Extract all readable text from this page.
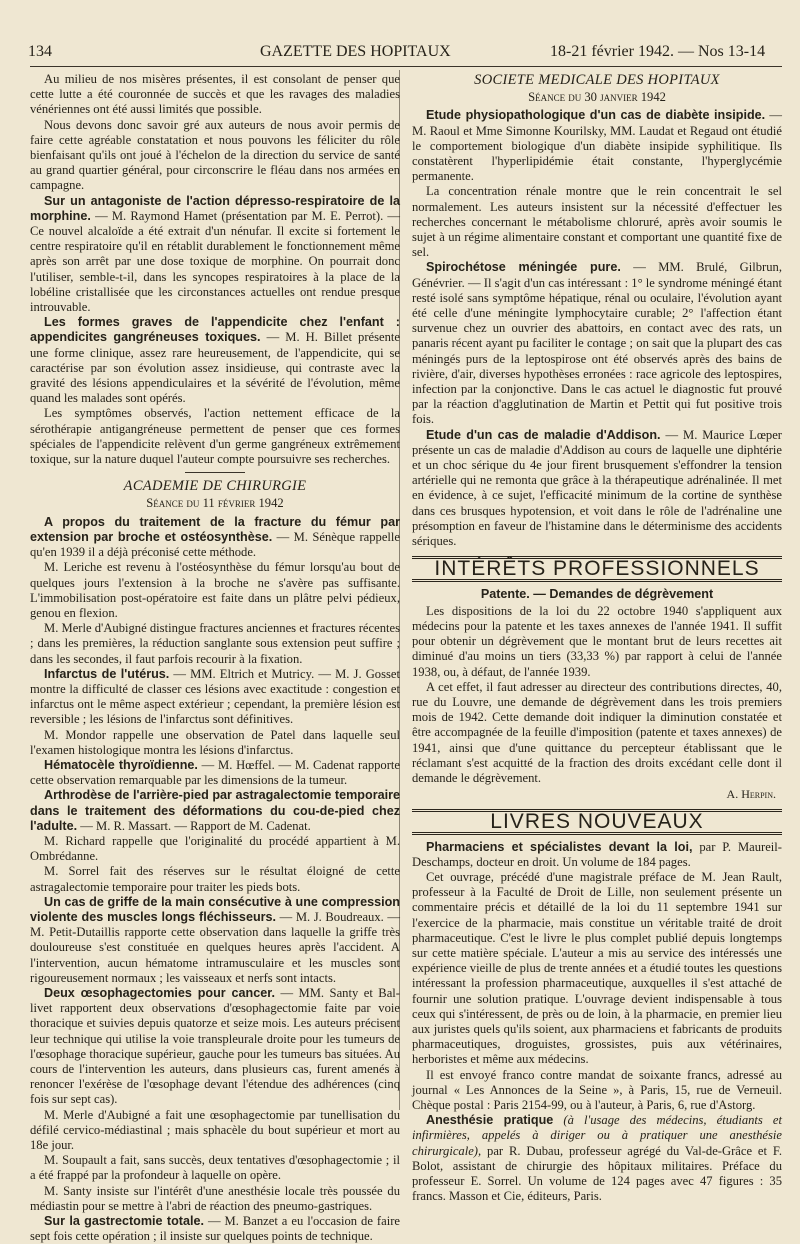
134	GAZETTE DES HOPITAUX	18-21 février 1942. — Nos 13-14

Au milieu de nos misères présentes, il est consolant de penser que cette lutte a été couronnée de succès et que les ravages des maladies vénériennes ont été aussi limités que possible.

Nous devons donc savoir gré aux auteurs de nous avoir permis de faire cette agréable constatation et nous pouvons les féliciter du rôle bienfaisant qu'ils ont joué à l'échelon de la direction du service de santé au grand quartier général, pour circonscrire le fléau dans nos armées en campagne.

Sur un antagoniste de l'action dépresso-respiratoire de la morphine. — M. Raymond Hamet (présentation par M. E. Perrot). — Ce nouvel alcaloïde a été extrait d'un nénufar. Il excite si fortement le centre respiratoire qu'il en rétablit durablement le fonctionnement même après son arrêt par une dose toxique de morphine. On pourrait donc l'utiliser, semble-t-il, dans les syncopes respiratoires à la place de la lobéline cristallisée que les circonstances actuelles ont rendue presque introuvable.

Les formes graves de l'appendicite chez l'enfant : appendicites gangréneuses toxiques. — M. H. Billet présente une forme clinique, assez rare heureusement, de l'appendicite, qui se caractérise par son évolution assez insidieuse, qui contraste avec la gravité des lésions appendiculaires et la sévérité de l'évolution, même quand les malades sont opérés.

Les symptômes observés, l'action nettement efficace de la sérothérapie antigangréneuse permettent de penser que ces formes spéciales de l'appendicite relèvent d'un germe gangréneux extrêmement toxique, sur la nature duquel l'auteur compte poursuivre ses recherches.

ACADEMIE DE CHIRURGIE
Séance du 11 février 1942

A propos du traitement de la fracture du fémur par extension par broche et ostéosynthèse. — M. Sénèque rappelle qu'en 1939 il a déjà préconisé cette méthode.

M. Leriche est revenu à l'ostéosynthèse du fémur lorsqu'au bout de quelques jours l'extension à la broche ne s'avère pas suffisante. L'immobilisation post-opératoire est faite dans un plâtre pelvi pédieux, genou en flexion.

M. Merle d'Aubigné distingue fractures anciennes et fractures récentes ; dans les premières, la réduction sanglante sous extension peut suffire ; dans les secondes, il faut parfois recourir à la fixation.

Infarctus de l'utérus. — MM. Eltrich et Mutricy. — M. J. Gosset montre la difficulté de classer ces lésions avec exactitude : congestion et infarctus ont le même aspect extérieur ; cependant, la première lésion est reversible ; les lésions de l'infarctus sont définitives.

M. Mondor rappelle une observation de Patel dans laquelle seul l'examen histologique montra les lésions d'infarctus.

Hématocèle thyroïdienne. — M. Hœffel. — M. Cadenat rapporte cette observation remarquable par les dimensions de la tumeur.

Arthrodèse de l'arrière-pied par astragalectomie temporaire dans le traitement des déformations du cou-de-pied chez l'adulte. — M. R. Massart. — Rapport de M. Cadenat.

M. Richard rappelle que l'originalité du procédé appartient à M. Ombrédanne.

M. Sorrel fait des réserves sur le résultat éloigné de cette astragalectomie temporaire pour traiter les pieds bots.

Un cas de griffe de la main consécutive à une compression violente des muscles longs fléchisseurs. — M. J. Boudreaux. — M. Petit-Dutaillis rapporte cette observation dans laquelle la griffe très douloureuse s'est constituée en quelques heures après l'accident. A l'intervention, aucun hématome intramusculaire et les muscles sont rigoureusement normaux ; les vaisseaux et nerfs sont intacts.

Deux œsophagectomies pour cancer. — MM. Santy et Bal-livet rapportent deux observations d'œsophagectomie faite par voie thoracique et suivies depuis quatorze et seize mois. Les auteurs précisent leur technique qui utilise la voie transpleurale droite pour les tumeurs de l'œsophage thoracique supérieur, gauche pour les tumeurs bas situées. Au cours de l'intervention les auteurs, dans plusieurs cas, furent amenés à renoncer l'exérèse de l'œsophage devant l'étendue des adhérences (cinq fois sur sept cas).

M. Merle d'Aubigné a fait une œsophagectomie par tunellisation du défilé cervico-médiastinal ; mais sphacèle du bout supérieur et mort au 18e jour.

M. Soupault a fait, sans succès, deux tentatives d'œsophagectomie ; il a été frappé par la profondeur à laquelle on opère.

M. Santy insiste sur l'intérêt d'une anesthésie locale très poussée du médiastin pour se mettre à l'abri de réaction des pneumo-gastriques.

Sur la gastrectomie totale. — M. Banzet a eu l'occasion de faire sept fois cette opération ; il insiste sur quelques points de technique.

SOCIETE MEDICALE DES HOPITAUX
Séance du 30 janvier 1942

Etude physiopathologique d'un cas de diabète insipide. — M. Raoul et Mme Simonne Kourilsky, MM. Laudat et Regaud ont étudié le comportement biologique d'un diabète insipide syphilitique. Ils constatèrent l'hyperlipidémie était constante, l'hyperglycémie permanente.

La concentration rénale montre que le rein concentrait le sel normalement. Les auteurs insistent sur la nécessité d'effectuer les recherches concernant le métabolisme chloruré, après avoir soumis le sujet à un régime alimentaire constant et comportant une quantité fixe de sel.

Spirochétose méningée pure. — MM. Brulé, Gilbrun, Génévrier. — Il s'agit d'un cas intéressant : 1° le syndrome méningé étant resté isolé sans symptôme hépatique, rénal ou oculaire, l'évolution ayant été celle d'une méningite lymphocytaire curable; 2° l'affection étant survenue chez un ouvrier des abattoirs, en contact avec des rats, un panaris récent ayant pu faciliter le contage ; on sait que la plupart des cas méningés purs de la leptospirose ont été observés après des bains de rivière, d'air, diverses hypothèses erronées : race agricole des leptospires, infection par la conjonctive. Dans le cas actuel le diagnostic fut prouvé par la réaction d'agglutination de Martin et Pettit qui fut positive trois fois.

Etude d'un cas de maladie d'Addison. — M. Maurice Lœper présente un cas de maladie d'Addison au cours de laquelle une diphtérie et un choc sérique du 4e jour firent brusquement s'effondrer la tension artérielle qui ne remonta que grâce à la thérapeutique adrénalinée. Il met en évidence, à ce sujet, l'efficacité minimum de la cortine de synthèse dans ces brusques hypotension, et voit dans le rôle de l'adrénaline une présomption en faveur de l'histamine dans le déterminisme des accidents sériques.

INTÉRÊTS PROFESSIONNELS
Patente. — Demandes de dégrèvement

Les dispositions de la loi du 22 octobre 1940 s'appliquent aux médecins pour la patente et les taxes annexes de l'année 1941. Il suffit pour obtenir un dégrèvement que le montant brut de leurs recettes ait diminué d'au moins un tiers (33,33 %) par rapport à celui de l'année 1938, ou, à défaut, de l'année 1939.

A cet effet, il faut adresser au directeur des contributions directes, 40, rue du Louvre, une demande de dégrèvement dans les trois premiers mois de 1942. Cette demande doit indiquer la diminution constatée et être accompagnée de la feuille d'imposition (patente et taxes annexes) de 1941, ainsi que d'une quittance du percepteur établissant que le réclamant s'est acquitté de la fraction des droits excédant celle dont il demande le dégrèvement.

A. Herpin.
LIVRES NOUVEAUX

Pharmaciens et spécialistes devant la loi, par P. Maureil-Deschamps, docteur en droit. Un volume de 184 pages.

Cet ouvrage, précédé d'une magistrale préface de M. Jean Rault, professeur à la Faculté de Droit de Lille, non seulement présente un commentaire précis et détaillé de la loi du 11 septembre 1941 sur l'exercice de la pharmacie, mais constitue un véritable traité de droit pharmaceutique. C'est le livre le plus complet publié depuis longtemps sur cette matière spéciale. L'auteur a mis au service des intéressés une expérience vieille de plus de trente années et a étudié toutes les questions intéressant la profession pharmaceutique, auxquelles il s'est attaché de fournir une solution pratique. L'ouvrage devient indispensable à tous ceux qui s'intéressent, de près ou de loin, à la pharmacie, en premier lieu aux juristes quels qu'ils soient, aux pharmaciens et fabricants de produits pharmaceutiques, droguistes, grossistes, puis aux vétérinaires, herboristes et même aux médecins.

Il est envoyé franco contre mandat de soixante francs, adressé au journal « Les Annonces de la Seine », à Paris, 15, rue de Verneuil. Chèque postal : Paris 2154-99, ou à l'auteur, à Paris, 6, rue d'Astorg.

Anesthésie pratique (à l'usage des médecins, étudiants et infirmières, appelés à diriger ou à pratiquer une anesthésie chirurgicale), par R. Dubau, professeur agrégé du Val-de-Grâce et F. Bolot, assistant de chirurgie des hôpitaux militaires. Préface du professeur E. Sorrel. Un volume de 124 pages avec 47 figures : 35 francs. Masson et Cie, éditeurs, Paris.
